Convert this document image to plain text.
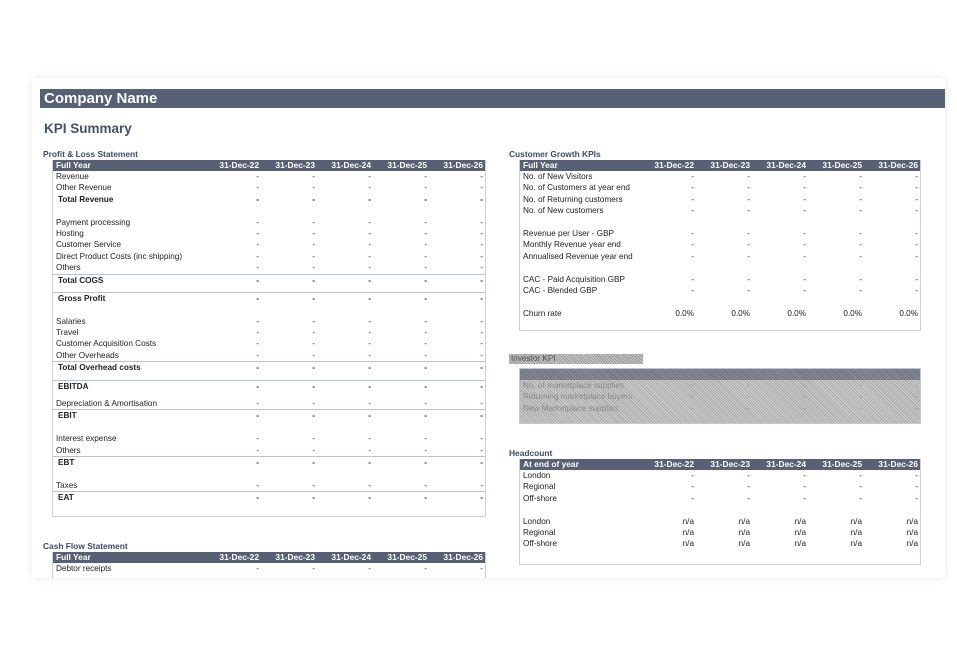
Company Name
KPI Summary
Profit & Loss Statement
Full Year	31-Dec-22	31-Dec-23	31-Dec-24	31-Dec-25	31-Dec-26
Revenue	-	-	-	-	-
Other Revenue	-	-	-	-	-
Total Revenue	-	-	-	-	-
Payment processing	-	-	-	-	-
Hosting	-	-	-	-	-
Customer Service	-	-	-	-	-
Direct Product Costs (inc shipping)	-	-	-	-	-
Others	-	-	-	-	-
Total COGS	-	-	-	-	-
Gross Profit	-	-	-	-	-
Salaries	-	-	-	-	-
Travel	-	-	-	-	-
Customer Acquisition Costs	-	-	-	-	-
Other Overheads	-	-	-	-	-
Total Overhead costs	-	-	-	-	-
EBITDA	-	-	-	-	-
Depreciation & Amortisation	-	-	-	-	-
EBIT	-	-	-	-	-
Interest expense	-	-	-	-	-
Others	-	-	-	-	-
EBT	-	-	-	-	-
Taxes	-	-	-	-	-
EAT	-	-	-	-	-
Cash Flow Statement
Full Year	31-Dec-22	31-Dec-23	31-Dec-24	31-Dec-25	31-Dec-26
Debtor receipts	-	-	-	-	-
Customer Growth KPIs
Full Year	31-Dec-22	31-Dec-23	31-Dec-24	31-Dec-25	31-Dec-26
No. of New Visitors	-	-	-	-	-
No. of Customers at year end	-	-	-	-	-
No. of Returning customers	-	-	-	-	-
No. of New customers	-	-	-	-	-
Revenue per User - GBP	-	-	-	-	-
Monthly Revenue year end	-	-	-	-	-
Annualised Revenue year end	-	-	-	-	-
CAC - Paid Acquisition GBP	-	-	-	-	-
CAC - Blended GBP	-	-	-	-	-
Churn rate	0.0%	0.0%	0.0%	0.0%	0.0%
Investor KPI
No. of marketplace supplies	-	-	-	-	-
Returning marketplace buyers	-	-	-	-	-
New Marketplace supplies	-	-	-	-	-
Headcount
At end of year	31-Dec-22	31-Dec-23	31-Dec-24	31-Dec-25	31-Dec-26
London	-	-	-	-	-
Regional	-	-	-	-	-
Off-shore	-	-	-	-	-
London	n/a	n/a	n/a	n/a	n/a
Regional	n/a	n/a	n/a	n/a	n/a
Off-shore	n/a	n/a	n/a	n/a	n/a
